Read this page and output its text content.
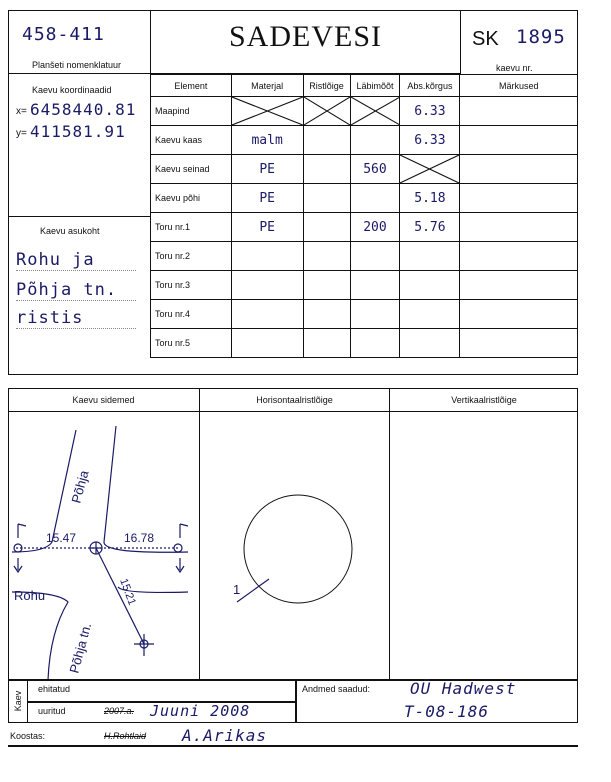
458-411
Planšeti nomenklatuur
SADEVESI	SK 1895
kaevu nr.
Kaevu koordinaadid
x= 6458440.81
y= 411581.91
Kaevu asukoht
Rohu ja
Põhja tn.
ristis
Element	Materjal	Ristlõige	Läbimõõt	Abs.kõrgus	Märkused
Maapind				6.33	
Kaevu kaas	malm			6.33	
Kaevu seinad	PE		560	

Kaevu põhi	PE			5.18	
Toru nr.1	PE		200	5.76	
Toru nr.2					
Toru nr.3					
Toru nr.4					
Toru nr.5					
Kaevu sidemed	Horisontaalristlõige	Vertikaalristlõige
Põhja
15.47	16.78
15.21
Rohu
Põhja tn.
1
Kaev
ehitatud
uuritud	2007.a. Juuni 2008
Andmed saadud: OÜ Hadwest
T-08-186
Koostas:	H.Rohtlaid A.Arikas
